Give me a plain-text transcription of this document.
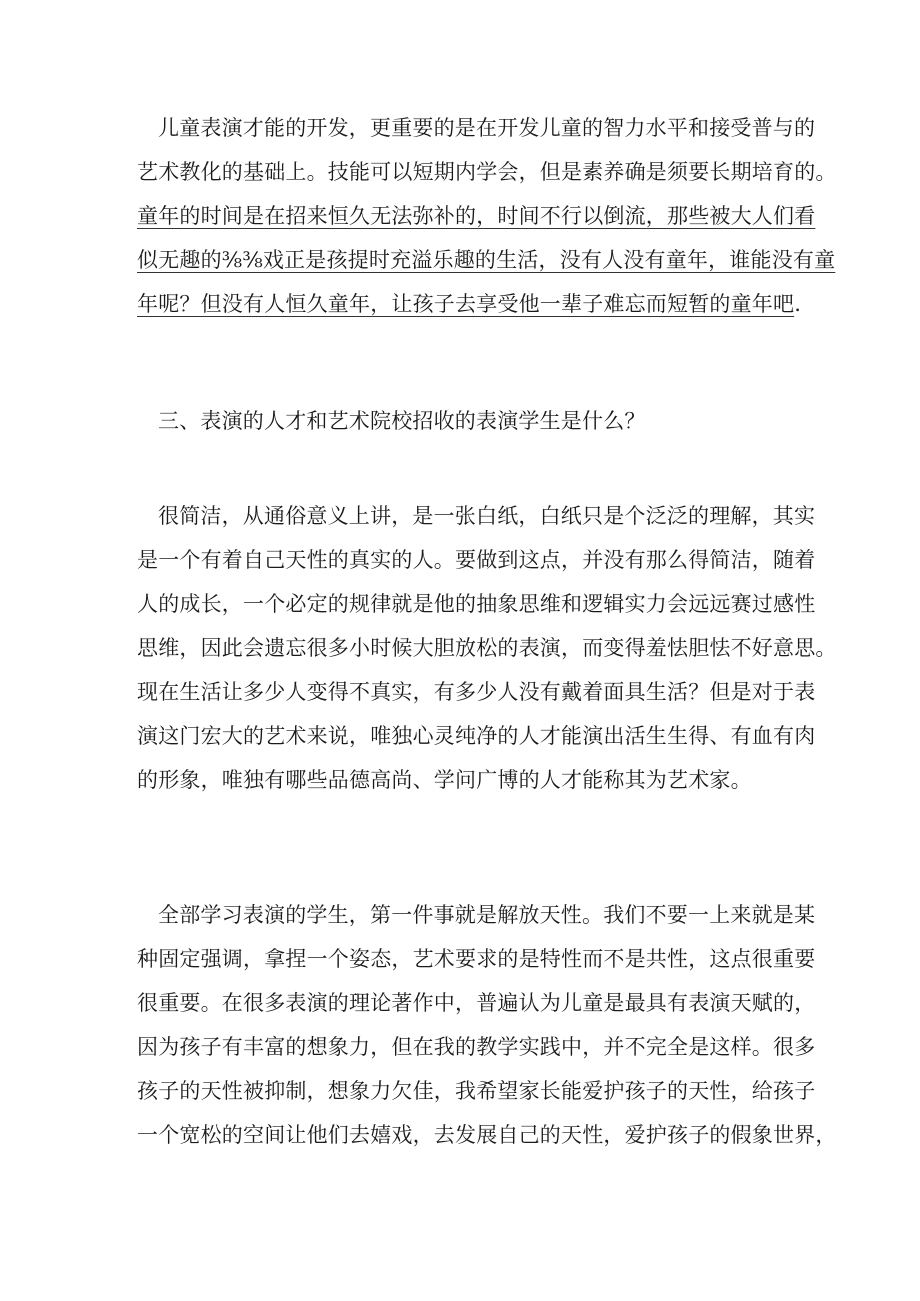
儿童表演才能的开发，更重要的是在开发儿童的智力水平和接受普与的
艺术教化的基础上。技能可以短期内学会，但是素养确是须要长期培育的。
童年的时间是在招来恒久无法弥补的，时间不行以倒流，那些被大人们看
似无趣的⅜⅜戏正是孩提时充溢乐趣的生活，没有人没有童年，谁能没有童
年呢？但没有人恒久童年，让孩子去享受他一辈子难忘而短暂的童年吧.
三、表演的人才和艺术院校招收的表演学生是什么？
很简洁，从通俗意义上讲，是一张白纸，白纸只是个泛泛的理解，其实
是一个有着自己天性的真实的人。要做到这点，并没有那么得简洁，随着
人的成长，一个必定的规律就是他的抽象思维和逻辑实力会远远赛过感性
思维，因此会遗忘很多小时候大胆放松的表演，而变得羞怯胆怯不好意思。
现在生活让多少人变得不真实，有多少人没有戴着面具生活？但是对于表
演这门宏大的艺术来说，唯独心灵纯净的人才能演出活生生得、有血有肉
的形象，唯独有哪些品德高尚、学问广博的人才能称其为艺术家。
全部学习表演的学生，第一件事就是解放天性。我们不要一上来就是某
种固定强调，拿捏一个姿态，艺术要求的是特性而不是共性，这点很重要
很重要。在很多表演的理论著作中，普遍认为儿童是最具有表演天赋的，
因为孩子有丰富的想象力，但在我的教学实践中，并不完全是这样。很多
孩子的天性被抑制，想象力欠佳，我希望家长能爱护孩子的天性，给孩子
一个宽松的空间让他们去嬉戏，去发展自己的天性，爱护孩子的假象世界，
